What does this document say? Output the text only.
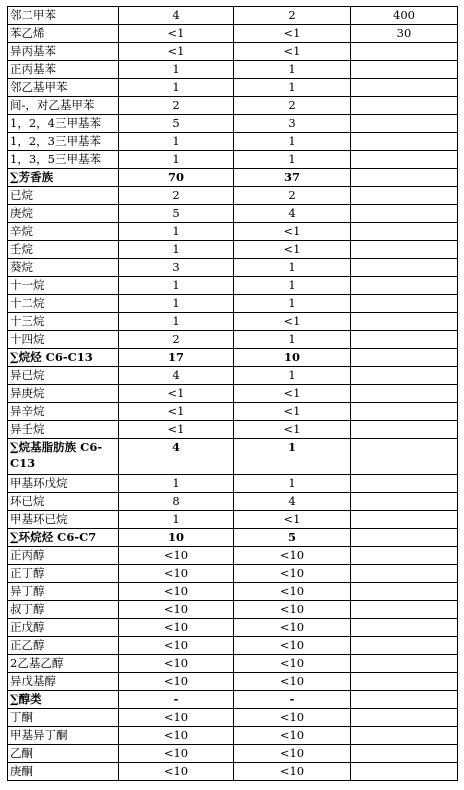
邻二甲苯	4	2	400
苯乙烯	<1	<1	30
异丙基苯	<1	<1	
正丙基苯	1	1	
邻乙基甲苯	1	1	
间-，对乙基甲苯	2	2	
1，2，4三甲基苯	5	3	
1，2，3三甲基苯	1	1	
1，3，5三甲基苯	1	1	
∑芳香族	70	37	
已烷	2	2	
庚烷	5	4	
辛烷	1	<1	
壬烷	1	<1	
葵烷	3	1	
十一烷	1	1	
十二烷	1	1	
十三烷	1	<1	
十四烷	2	1	
∑烷烃 C6-C13	17	10	
异已烷	4	1	
异庚烷	<1	<1	
异辛烷	<1	<1	
异壬烷	<1	<1	
∑烷基脂肪族 C6-C13	4	1	
甲基环戊烷	1	1	
环已烷	8	4	
甲基环已烷	1	<1	
∑环烷烃 C6-C7	10	5	
正丙醇	<10	<10	
正丁醇	<10	<10	
异丁醇	<10	<10	
叔丁醇	<10	<10	
正戊醇	<10	<10	
正乙醇	<10	<10	
2乙基乙醇	<10	<10	
异戊基醇	<10	<10	
∑醇类	-	-	
丁酮	<10	<10	
甲基异丁酮	<10	<10	
乙酮	<10	<10	
庚酮	<10	<10	
